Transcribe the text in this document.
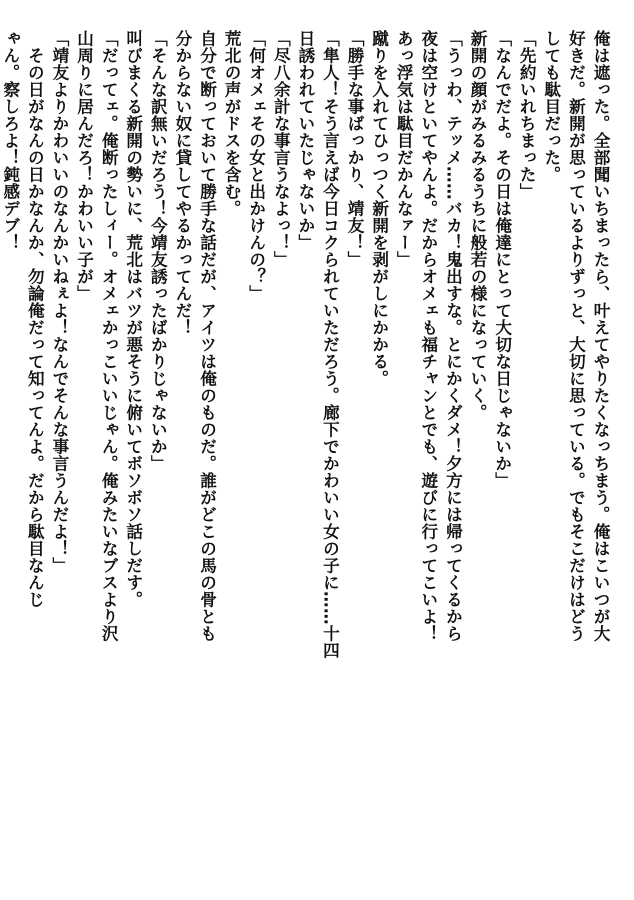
俺は遮った。全部聞いちまったら、叶えてやりたくなっちまう。俺はこいつが大
好きだ。新開が思っているよりずっと、大切に思っている。でもそこだけはどう
しても駄目だった。
「先約いれちまった」
「なんでだよ。その日は俺達にとって大切な日じゃないか」
新開の顔がみるみるうちに般若の様になっていく。
「うっわ、テッメ……バカ！鬼出すな。とにかくダメ！夕方には帰ってくるから
夜は空けといてやんよ。だからオメェも福チャンとでも、遊びに行ってこいよ！
あっ浮気は駄目だかんなァー」
蹴りを入れてひっつく新開を剥がしにかかる。
「勝手な事ばっかり、靖友！」
「隼人！そう言えば今日コクられていただろう。廊下でかわいい女の子に……十四
日誘われていたじゃないか」
「尽八余計な事言うなよっ！」
「何オメェその女と出かけんの？」
荒北の声がドスを含む。
自分で断っておいて勝手な話だが、アイツは俺のものだ。誰がどこの馬の骨とも
分からない奴に貸してやるかってんだ！
「そんな訳無いだろう！今靖友誘ったばかりじゃないか」
叫びまくる新開の勢いに、荒北はバツが悪そうに俯いてボソボソ話しだす。
「だってェ。俺断ったしィー。オメェかっこいいじゃん。俺みたいなブスより沢
山周りに居んだろ！かわいい子が」
「靖友よりかわいいのなんかいねぇよ！なんでそんな事言うんだよ！」
　その日がなんの日かなんか、勿論俺だって知ってんよ。だから駄目なんじ
ゃん。察しろよ！鈍感デブ！
